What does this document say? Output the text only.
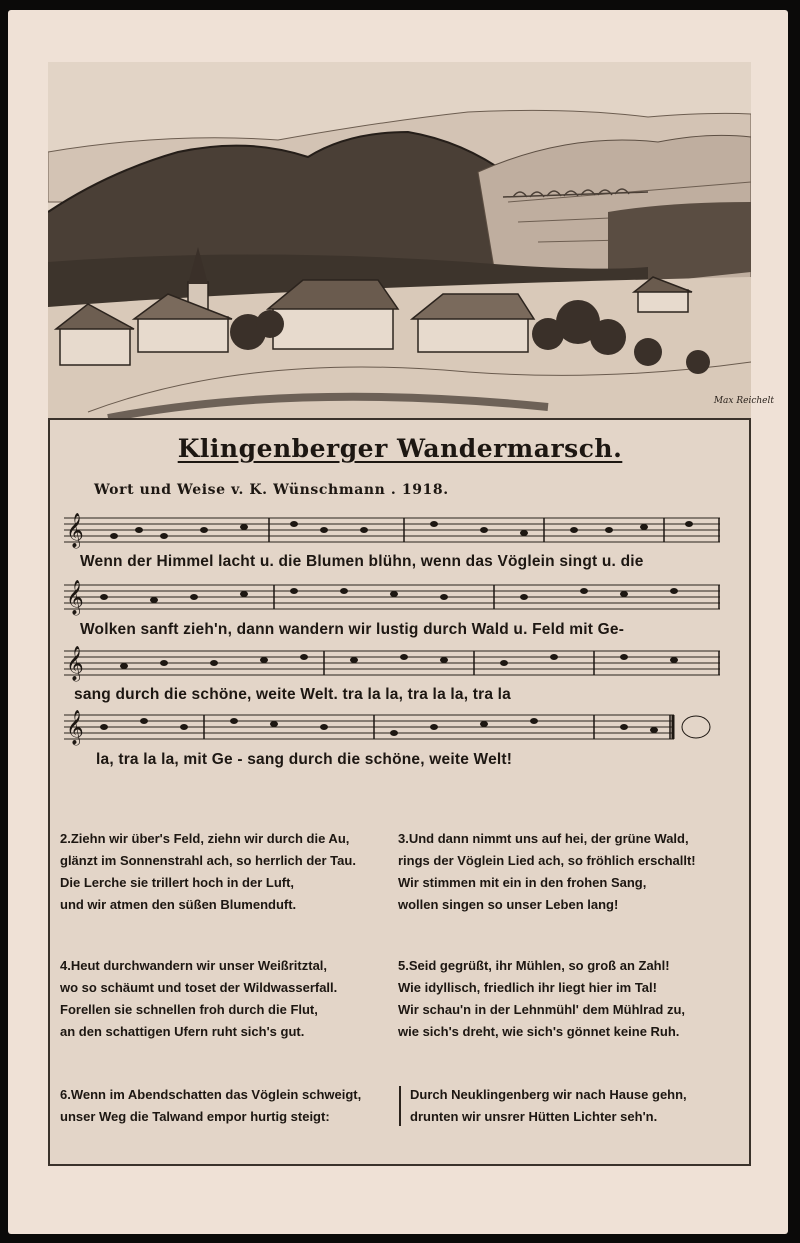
Max Reichelt
Klingenberger Wandermarsch.
Wort und Weise v. K. Wünschmann . 1918.
𝄞
Wenn der Himmel lacht u. die Blumen blühn, wenn das Vöglein singt u. die
𝄞
Wolken sanft zieh'n, dann wandern wir lustig durch Wald u. Feld mit Ge-
𝄞
sang durch die schöne, weite Welt. tra la la, tra la la, tra la
𝄞
la, tra la la, mit Ge - sang durch die schöne, weite Welt!
2.Ziehn wir über's Feld, ziehn wir durch die Au,
glänzt im Sonnenstrahl ach, so herrlich der Tau.
Die Lerche sie trillert hoch in der Luft,
und wir atmen den süßen Blumenduft.
3.Und dann nimmt uns auf hei, der grüne Wald,
rings der Vöglein Lied ach, so fröhlich erschallt!
Wir stimmen mit ein in den frohen Sang,
wollen singen so unser Leben lang!
4.Heut durchwandern wir unser Weißritztal,
wo so schäumt und toset der Wildwasserfall.
Forellen sie schnellen froh durch die Flut,
an den schattigen Ufern ruht sich's gut.
5.Seid gegrüßt, ihr Mühlen, so groß an Zahl!
Wie idyllisch, friedlich ihr liegt hier im Tal!
Wir schau'n in der Lehnmühl' dem Mühlrad zu,
wie sich's dreht, wie sich's gönnet keine Ruh.
6.Wenn im Abendschatten das Vöglein schweigt,
unser Weg die Talwand empor hurtig steigt:
Durch Neuklingenberg wir nach Hause gehn,
drunten wir unsrer Hütten Lichter seh'n.
